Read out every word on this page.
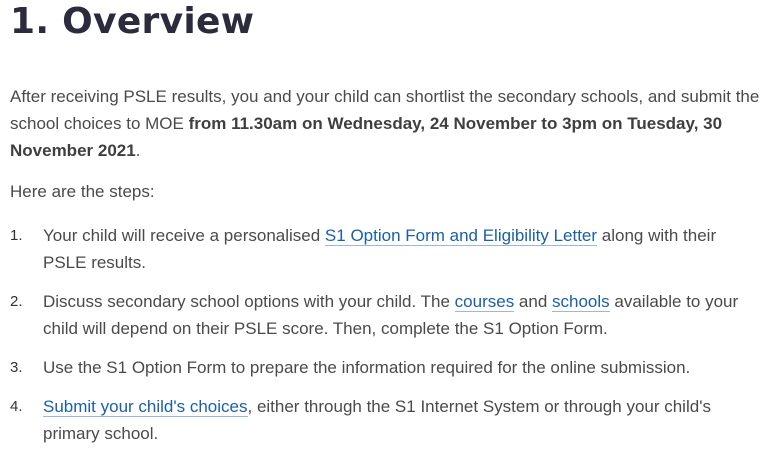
1. Overview

After receiving PSLE results, you and your child can shortlist the secondary schools, and submit the school choices to MOE from 11.30am on Wednesday, 24 November to 3pm on Tuesday, 30 November 2021.

Here are the steps:

1. Your child will receive a personalised S1 Option Form and Eligibility Letter along with their PSLE results.
2. Discuss secondary school options with your child. The courses and schools available to your child will depend on their PSLE score. Then, complete the S1 Option Form.
3. Use the S1 Option Form to prepare the information required for the online submission.
4. Submit your child's choices, either through the S1 Internet System or through your child's primary school.
